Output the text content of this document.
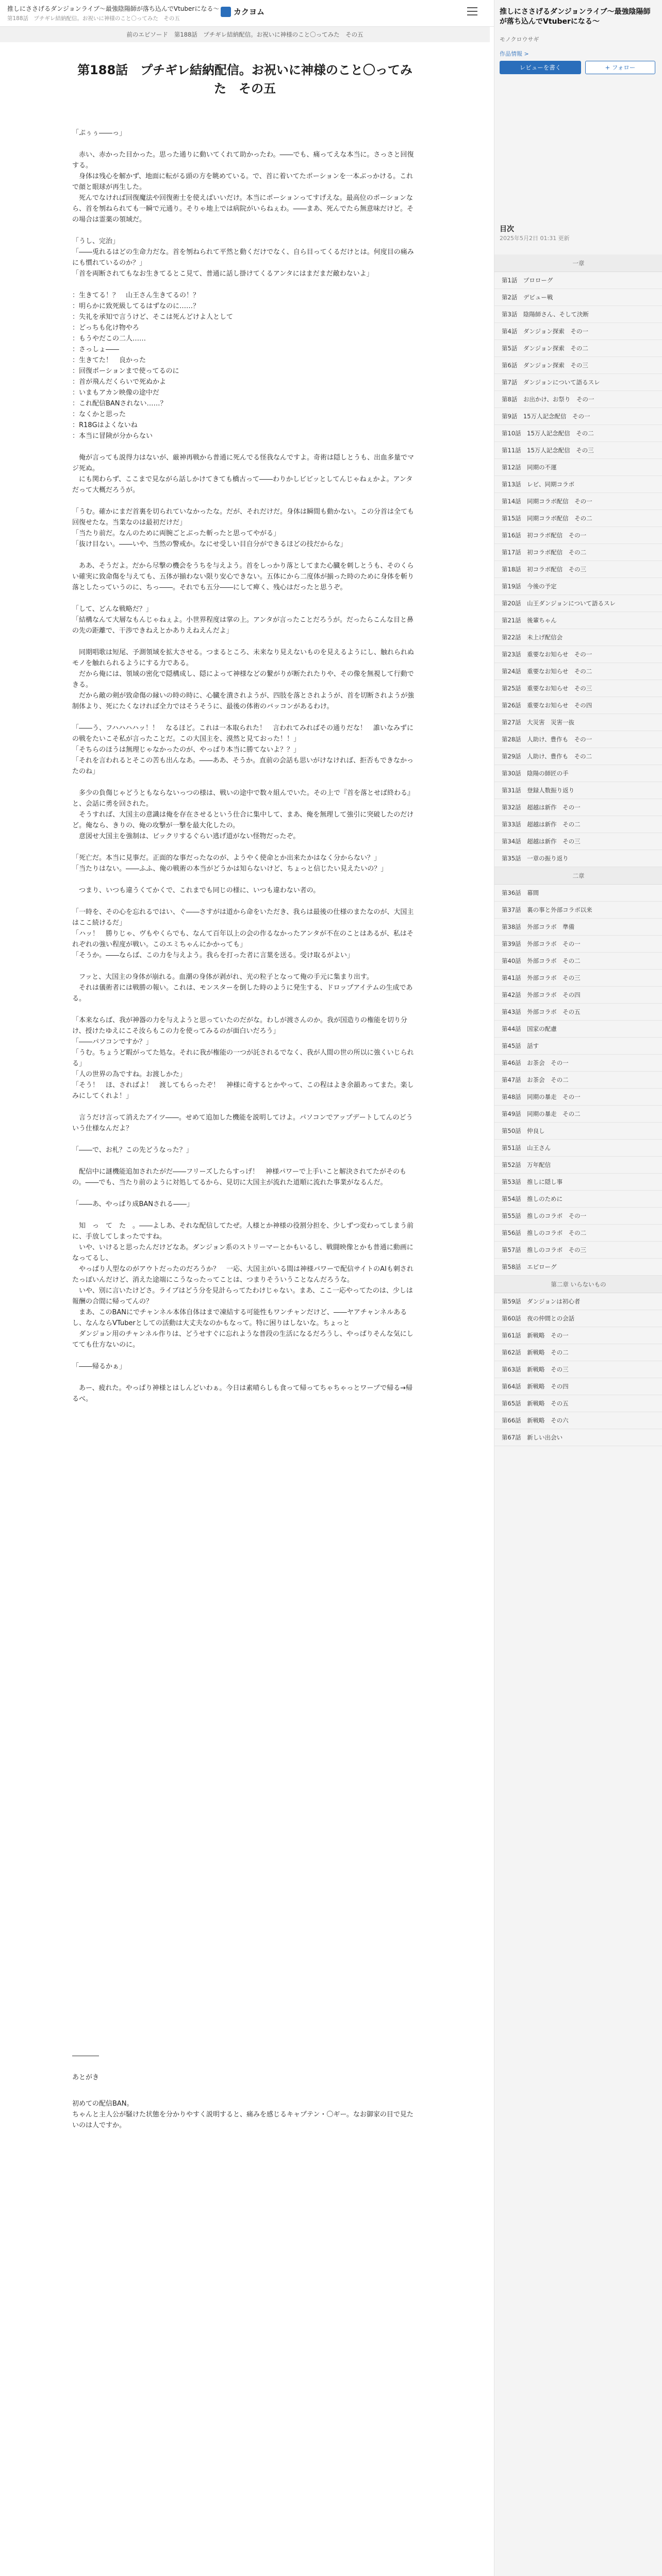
推しにささげるダンジョンライブ〜最強陰陽師が落ち込んでVtuberになる〜
第188話　プチギレ結納配信。お祝いに神様のこと〇ってみた　その五
カクヨム
前のエピソード 第188話　プチギレ結納配信。お祝いに神様のこと〇ってみた　その五
第188話　プチギレ結納配信。お祝いに神様のこと〇ってみた　その五
「ぷぅぅ――っ」
　赤い、赤かった目かった。思った通りに動いてくれて助かったわ。――でも、痛ってえな本当に。さっさと回復する。
　身体は残心を解かず、地面に転がる頭の方を眺めている。で、首に着いてたポーションを一本ぶっかける。これで顔と眼球が再生した。
　死んでなければ回復魔法や回復術士を使えばいいだけ。本当にポーションってすげえな。最高位のポーションなら、首を刎ねられても一瞬で元通り。そりゃ地上では病院がいらねぇわ。――まあ、死んでたら無意味だけど。その場合は霊薬の領域だ。
「うし、完治」
「――兎れるはどの生命力だな。首を刎ねられて平然と動くだけでなく、自ら目ってくるだけとは。何度目の痛みにも慣れているのか？」
「首を両断されてもなお生きてるとこ見て、普通に話し掛けてくるアンタにはまだまだ敵わないよ」
：生きてる！？　山王さん生きてるの！？
：明らかに致死級してるはずなのに……？
：失礼を承知で言うけど、そこは死んどけよ人として
：どっちも化け物やろ
：もうやだこの二人……
：さっしょ――
：生きてた！　良かった
：回復ポーションまで使ってるのに
：首が飛んだくらいで死ぬかよ
：いまもアカン映像の途中だ
：これ配信BANされない……？
：なくかと思った
：R18Gはよくないね
：本当に冒険が分からない
　俺が言っても説得力はないが、厳神再戦から普通に死んでる怪我なんですよ。奇術は隠しとうも、出血多量でマジ死ぬ。
　にも関わらず、ここまで見ながら話しかけてきても橋古って――わりかしビビッとしてんじゃねぇかよ。アンタだって大概だろうが。
「うむ。確かにまだ首裏を切られていなかったな。だが、それだけだ。身体は瞬間も動かない。この分首は全ても回復せたな。当業なのは最初だけだ」
「当たり前だ。なんのために両腕ごとぶった斬ったと思ってやがる」
「抜け目ない。――いや、当然の警戒か。なにせ受しい目自分ができるほどの技だからな」
　ああ、そうだよ。だから尽撃の機会をうちを与えよう。首をしっかり落としてまた心臓を刺しとうも、そのくらい確実に致命傷を与えても、五体が揃わない限り安心できない。五体にから二度体が揃った時のために身体を斬り落としたっていうのに、ちっ――。それでも五分――にして痺く、残心はだったと思うぞ。
「して、どんな戦略だ？」
「結構なんて大層なもんじゃねぇよ。小世界程度は掌の上。アンタが言ったことだろうが。だったらこんな目と鼻の先の距離で、干渉できねえとかありえねえんだよ」
　同期唱歌は短尾、予測領域を拡大させる。つまるところ、未来なり見えないものを見えるようにし、触れられぬモノを触れられるようにする力である。
　だから俺には、領域の密化で隠構成し、隠によって神様などの繋がりが断たれたりや、その像を無視して行動できる。
　だから敵の剣が致命傷の縁いの時の時に、心臓を潰されようが、四肢を落とされようが、首を切断されようが強制体より、死にたくなければ全力ではそうそうに、最後の体術のバッコンがあるわけ。
「――う、フハハハハッ！！　なるほど。これは一本取られた！　言われてみればその通りだな！　誰いなみずにの戦をたいこそ私が言ったことだ。この大国主を、漠然と見ておった！！」
「そちらのほうは無理じゃなかったのが、やっぱり本当に勝てないよ？？」
「それを言われるとそこの苦も出んなあ。――ああ、そうか。直前の会話も思いがけなければ、拒否もできなかったのね」
　多少の負傷じゃどうともならないっつの様は、戦いの途中で数々組んでいた。その上で『首を落とせば終わる』と、会話に勇を回された。
　そうすれば、大国主の意識は俺を存在させるという仕合に集中して、まあ、俺を無理して強引に突破したのだけど。俺なら、きりの、俺の攻撃が一撃を最大化したの。
　意図せ大国主を強制は、ビックリするぐらい逃げ道がない怪物だったぞ。
「死亡だ。本当に見事だ。正面的な事だったなのが、ようやく使命とか出来たかはなく分からない？」
「当たりはない。――ふふ、俺の戦術の本当がどうかは知らないけど、ちょっと信じたい見えたいの？」
　つまり、いつも違うくてかくで、これまでも同じの様に、いつも違わない者の。
「一時を、その心を忘れるではい、ぐ――さすがは道から命をいただき、我らは最後の仕様のまたなのが、大国主はここ続けるだ」
「ハッ！　勝りじゃ、ヴもやくらでも、なんて百年以上の会の作るなかったアンタが不在のことはあるが、私はそれぞれの強い程度が戦い。このエミちゃんにかかっても」
「そうか。――ならば、この力を与えよう。我らを打った者に言葉を送る。受け取るがよい」
　フッと、大国主の身体が崩れる。血潮の身体が剥がれ、光の粒子となって俺の手元に集まり出す。
　それは儀術者には戦勝の報い。これは、モンスターを倒した時のように発生する、ドロップアイテムの生成である。
「本来ならば、我が神器の力を与えようと思っていたのだがな。わしが渡さんのか。我が国造りの権能を切り分け、授けたゆえにこそ汝らもこの力を使ってみるのが面白いだろう」
「――パソコンですか？」
「うむ。ちょうど暇がってた処な。それに我が権能の一つが託されるでなく、我が人間の世の所以に強くいじられる」
「人の世界の為ですね。お渡しかた」
「そう！　ほ、さればよ！　渡してもらったぞ！　神様に奇するとかやって、この程はよき余韻あってまた。楽しみにしてくれよ！」
　言うだけ言って消えたアイツ――。せめて追加した機能を説明してけよ。パソコンでアップデートしてんのどういう仕様なんだよ？
「――で、お札？この先どうなった？」
　配信中に謎機能追加されたがだ――フリーズしたらすっげ！　神様パワーで上手いこと解決されてたがそのもの。――でも、当たり前のように対処してるから、見切に大国主が流れた道順に流れた事業がなるんだ。
「――あ、やっぱり成BANされる――」
　知　っ　て　た　。――よしあ、それな配信してたぜ。人様とか神様の役割分担を、少しずつ変わってしまう前に、手放してしまったですね。
　いや、いけると思ったんだけどなあ。ダンジョン系のストリーマーとかもいるし、戦闘映像とかも普通に動画になってるし、
　やっぱり人型なのがアウトだったのだろうか？　一応、大国主がいる間は神様パワーで配信サイトのAIも刺されたっぽいんだけど、消えた途端にこうなったってことは、つまりそういうことなんだろうな。
　いや、別に言いたけどさ。ライブはどう分を見計らってたわけじゃない。まあ、ここ一応やってたのは、少しは報酬の合間に帰ってんの？
　まあ、このBANにでチャンネル本体自体はまで凍結する可能性もワンチャンだけど、――ヤアチャンネルあるし、なんならVTuberとしての活動は大丈夫なのかもなって。特に困りはしないな。ちょっと
　ダンジョン用のチャンネル作りは、どうせすぐに忘れような普段の生活になるだろうし、やっぱりそんな気にしてても仕方ないのに。
「――帰るかぁ」
　あー、疲れた。やっぱり神様とはしんどいわぁ。今日は素晴らしも食って帰ってちゃちゃっとワープで帰る→帰るべ。
――――
あとがき
初めての配信BAN。
ちゃんと主人公が騒けた状態を分かりやすく説明すると、痛みを感じるキャプテン・〇ギー。なお御家の目で見たいのは人ですか。
推しにささげるダンジョンライブ〜最強陰陽師が落ち込んでVtuberになる〜
モノクロウサギ
作品情報 >
レビューを書く	+ フォロー
目次
2025年5月2日 01:31 更新
一章
第1話　プロローグ
第2話　デビュー戦
第3話　陰陽師さん、そして決断
第4話　ダンジョン探索　その一
第5話　ダンジョン探索　その二
第6話　ダンジョン探索　その三
第7話　ダンジョンについて語るスレ
第8話　お出かけ、お祭り　その一
第9話　15万人記念配信　その一
第10話　15万人記念配信　その二
第11話　15万人記念配信　その三
第12話　同期の不運
第13話　レビ、同期コラボ
第14話　同期コラボ配信　その一
第15話　同期コラボ配信　その二
第16話　初コラボ配信　その一
第17話　初コラボ配信　その二
第18話　初コラボ配信　その三
第19話　今後の予定
第20話　山王ダンジョンについて語るスレ
第21話　後輩ちゃん
第22話　未上げ配信会
第23話　重要なお知らせ　その一
第24話　重要なお知らせ　その二
第25話　重要なお知らせ　その三
第26話　重要なお知らせ　その四
第27話　大災害　災害一抜
第28話　人助け、豊作も　その一
第29話　人助け、豊作も　その二
第30話　陰陽の師匠の手
第31話　登録人数振り返り
第32話　超越は新作　その一
第33話　超越は新作　その二
第34話　超越は新作　その三
第35話　一章の振り返り
二章
第36話　幕間
第37話　裏の事と外部コラボ以来
第38話　外部コラボ　準備
第39話　外部コラボ　その一
第40話　外部コラボ　その二
第41話　外部コラボ　その三
第42話　外部コラボ　その四
第43話　外部コラボ　その五
第44話　国家の配慮
第45話　話す
第46話　お茶会　その一
第47話　お茶会　その二
第48話　同期の暴走　その一
第49話　同期の暴走　その二
第50話　仲良し
第51話　山王さん
第52話　万年配信
第53話　推しに隠し事
第54話　推しのために
第55話　推しのコラボ　その一
第56話　推しのコラボ　その二
第57話　推しのコラボ　その三
第58話　エピローグ
第二章 いらないもの
第59話　ダンジョンは初心者
第60話　夜の仲間との会話
第61話　新戦略　その一
第62話　新戦略　その二
第63話　新戦略　その三
第64話　新戦略　その四
第65話　新戦略　その五
第66話　新戦略　その六
第67話　新しい出会い
